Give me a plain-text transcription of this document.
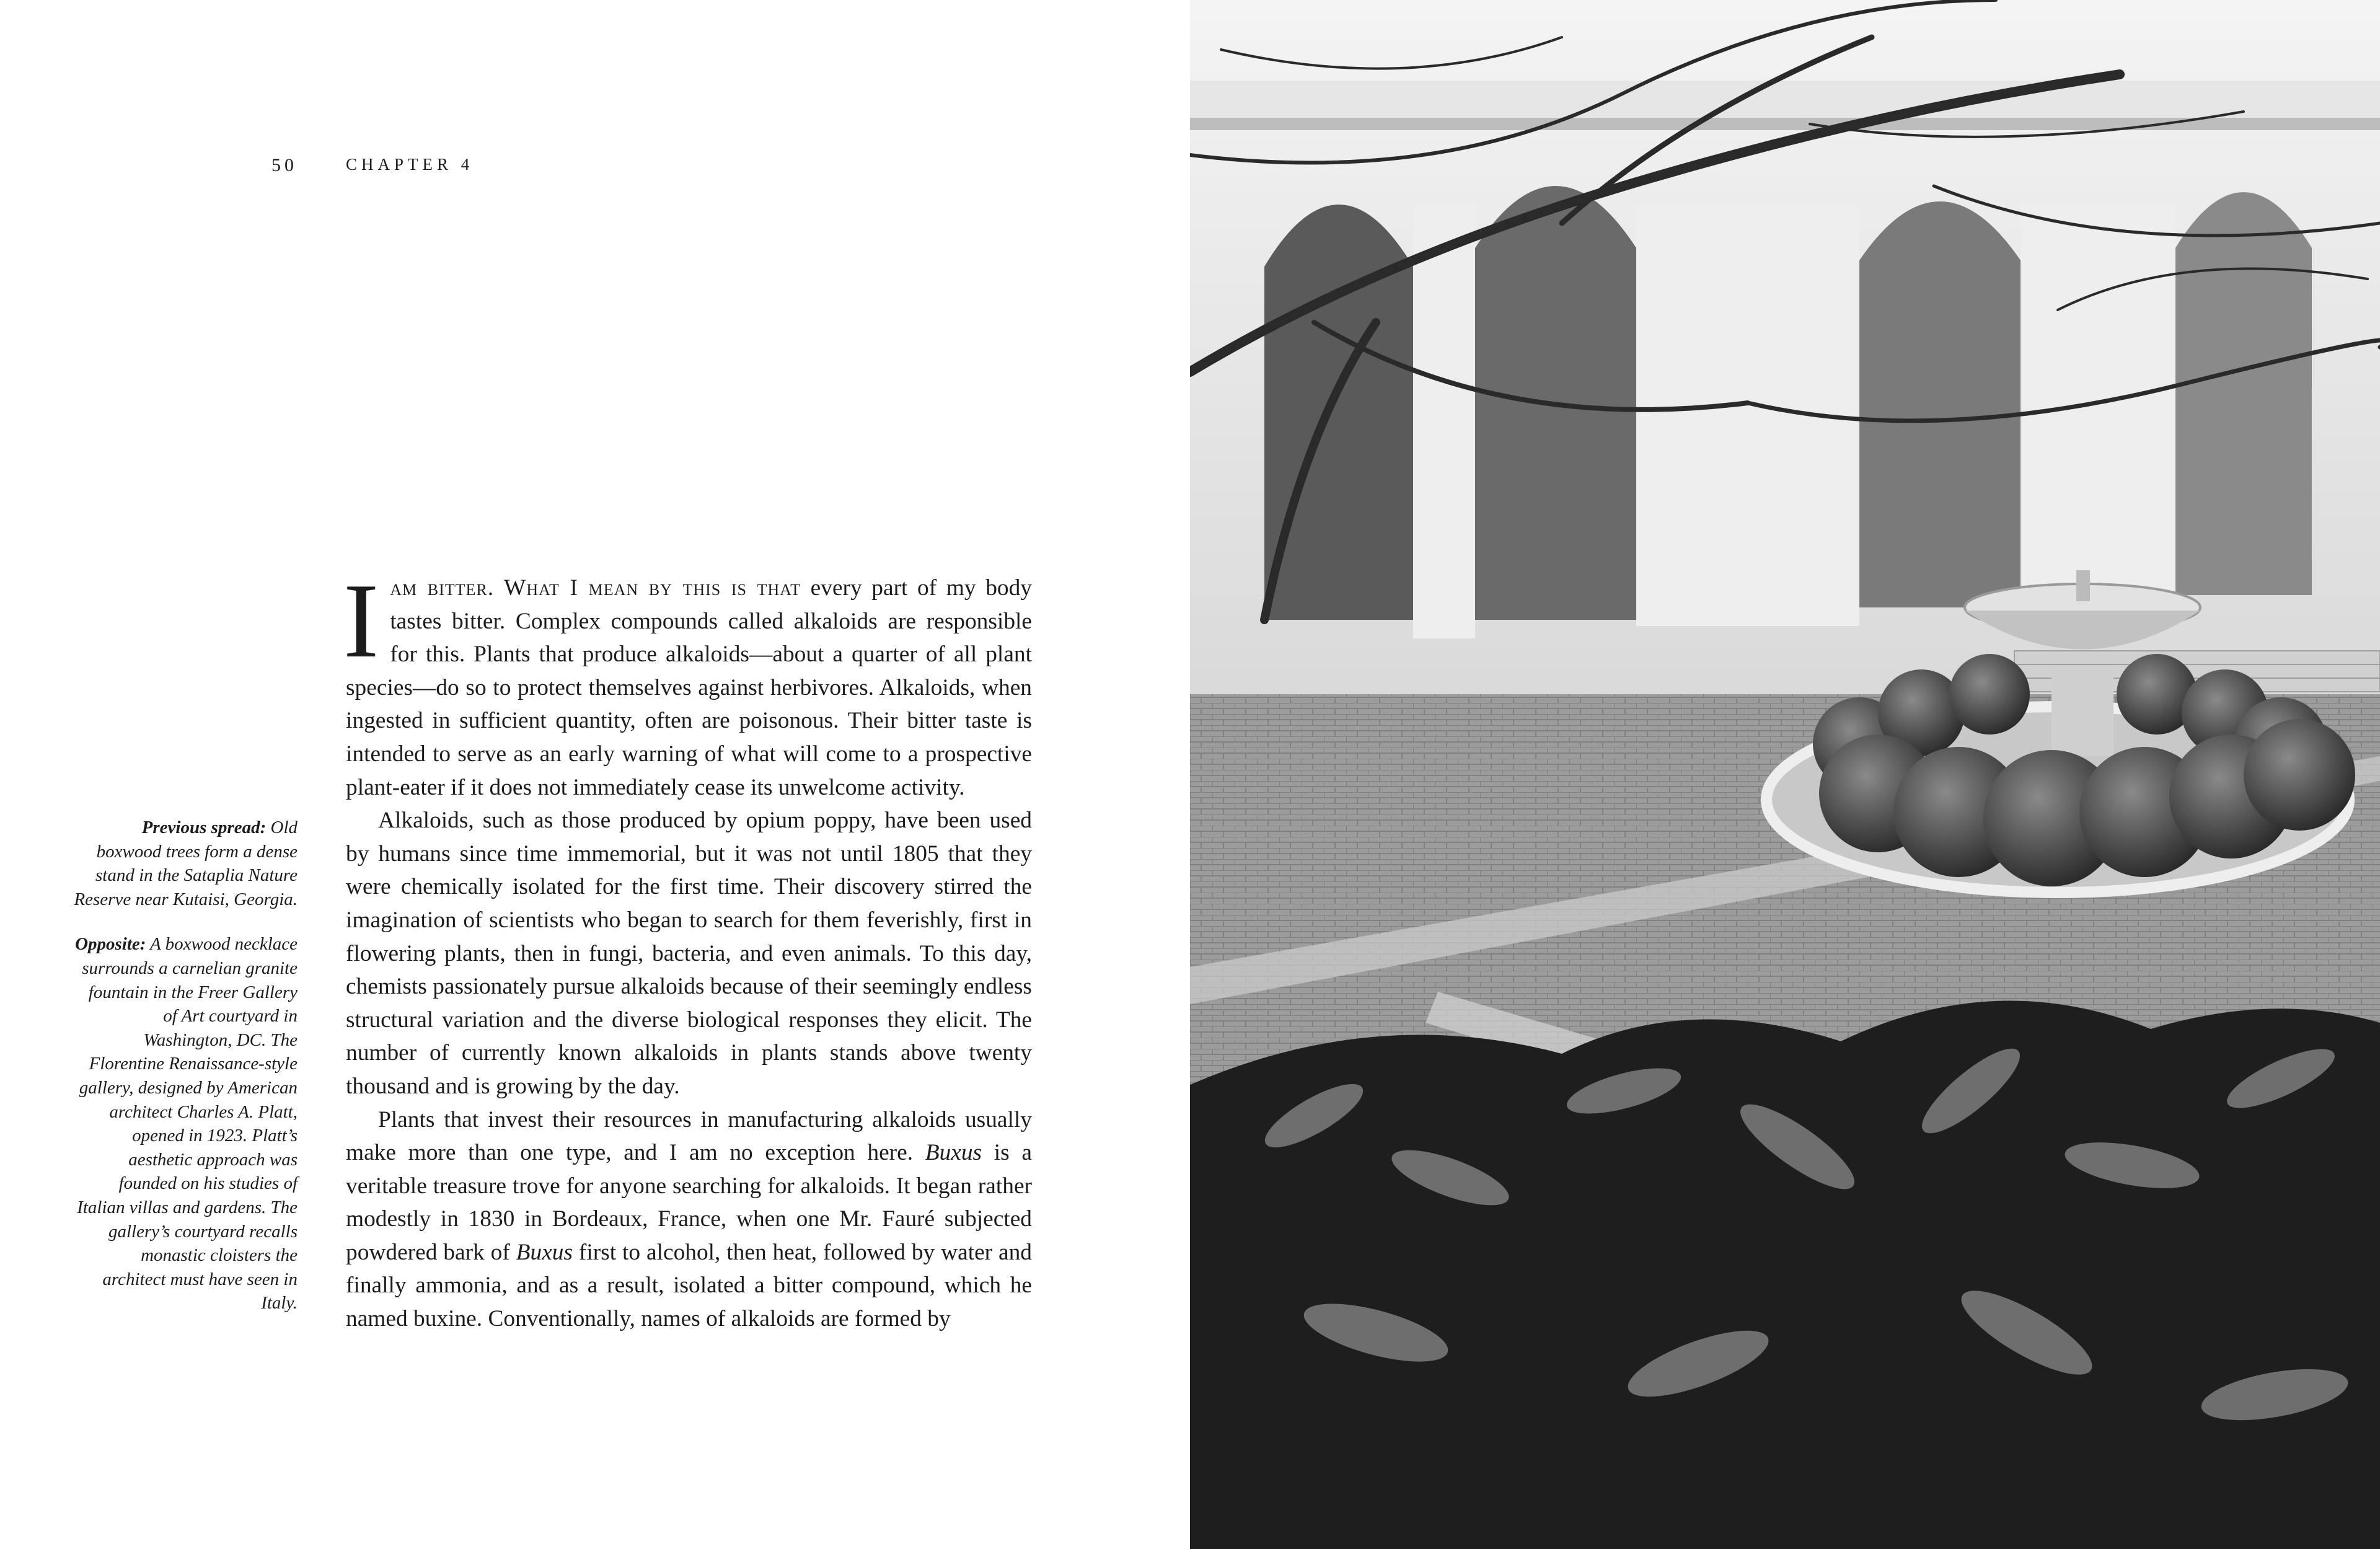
50	CHAPTER 4

Previous spread: Old boxwood trees form a dense stand in the Sataplia Nature Reserve near Kutaisi, Georgia.

Opposite: A boxwood necklace surrounds a carnelian granite fountain in the Freer Gallery of Art courtyard in Washington, DC. The Florentine Renaissance-style gallery, designed by American architect Charles A. Platt, opened in 1923. Platt’s aesthetic approach was founded on his studies of Italian villas and gardens. The gallery’s courtyard recalls monastic cloisters the architect must have seen in Italy.

Iam bitter. What I mean by this is that every part of my body tastes bitter. Complex compounds called alkaloids are responsible for this. Plants that produce alkaloids—about a quarter of all plant species—do so to protect themselves against herbivores. Alkaloids, when ingested in sufficient quantity, often are poisonous. Their bitter taste is intended to serve as an early warning of what will come to a prospective plant-eater if it does not immediately cease its unwelcome activity.

Alkaloids, such as those produced by opium poppy, have been used by humans since time immemorial, but it was not until 1805 that they were chemically isolated for the first time. Their discovery stirred the imagination of scientists who began to search for them feverishly, first in flowering plants, then in fungi, bacteria, and even animals. To this day, chemists passionately pursue alkaloids because of their seemingly endless structural variation and the diverse biological responses they elicit. The number of currently known alkaloids in plants stands above twenty thousand and is growing by the day.

Plants that invest their resources in manufacturing alkaloids usually make more than one type, and I am no exception here. Buxus is a veritable treasure trove for anyone searching for alkaloids. It began rather modestly in 1830 in Bordeaux, France, when one Mr. Fauré subjected powdered bark of Buxus first to alcohol, then heat, followed by water and finally ammonia, and as a result, isolated a bitter compound, which he named buxine. Conventionally, names of alkaloids are formed by
